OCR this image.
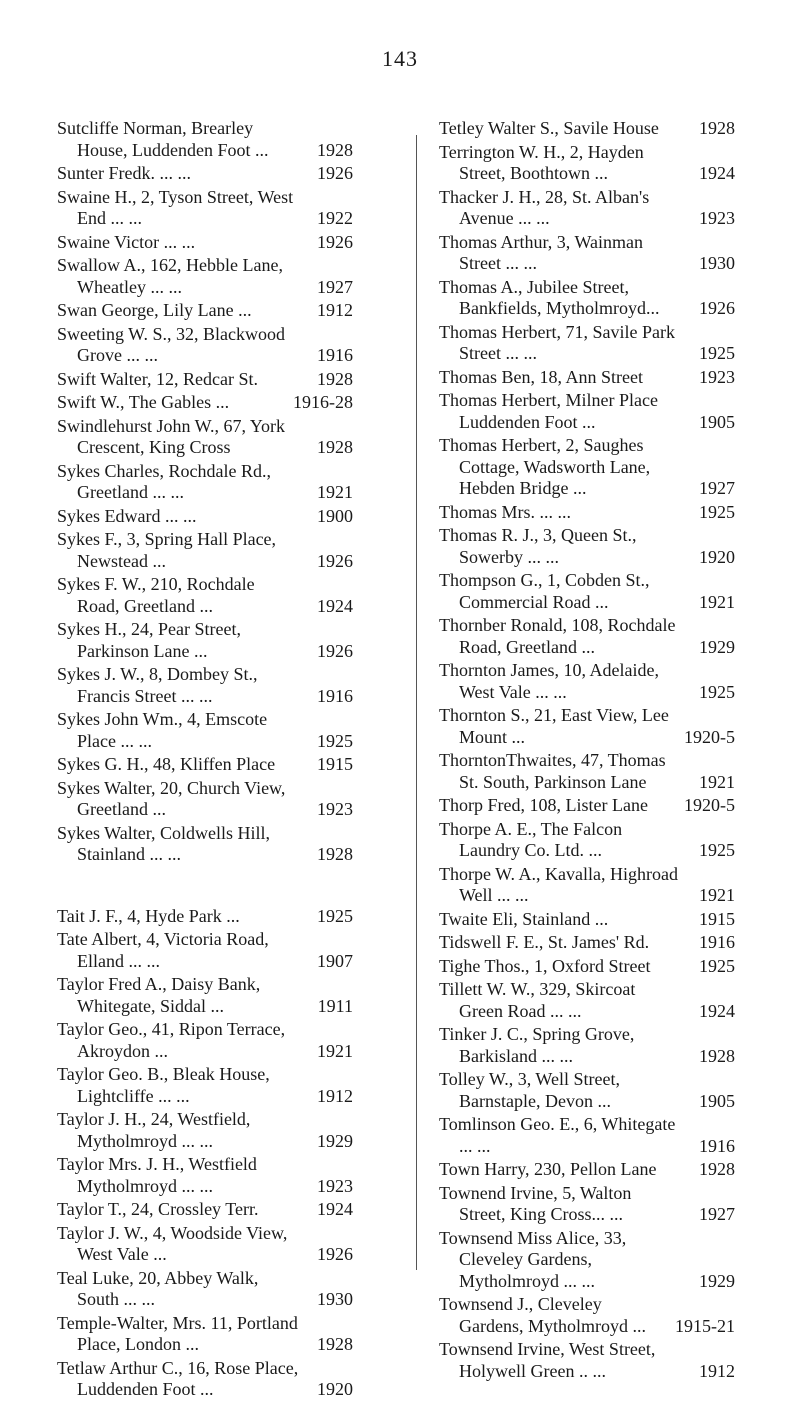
143
Sutcliffe Norman, Brearley House, Luddenden Foot ...	1928
Sunter Fredk. ... ...	1926
Swaine H., 2, Tyson Street, West End ... ...	1922
Swaine Victor ... ...	1926
Swallow A., 162, Hebble Lane, Wheatley ... ...	1927
Swan George, Lily Lane ...	1912
Sweeting W. S., 32, Blackwood Grove ... ...	1916
Swift Walter, 12, Redcar St.	1928
Swift W., The Gables ...	1916-28
Swindlehurst John W., 67, York Crescent, King Cross	1928
Sykes Charles, Rochdale Rd., Greetland ... ...	1921
Sykes Edward ... ...	1900
Sykes F., 3, Spring Hall Place, Newstead ...	1926
Sykes F. W., 210, Rochdale Road, Greetland ...	1924
Sykes H., 24, Pear Street, Parkinson Lane ...	1926
Sykes J. W., 8, Dombey St., Francis Street ... ...	1916
Sykes John Wm., 4, Emscote Place ... ...	1925
Sykes G. H., 48, Kliffen Place	1915
Sykes Walter, 20, Church View, Greetland ...	1923
Sykes Walter, Coldwells Hill, Stainland ... ...	1928
Tait J. F., 4, Hyde Park ...	1925
Tate Albert, 4, Victoria Road, Elland ... ...	1907
Taylor Fred A., Daisy Bank, Whitegate, Siddal ...	1911
Taylor Geo., 41, Ripon Terrace, Akroydon ...	1921
Taylor Geo. B., Bleak House, Lightcliffe ... ...	1912
Taylor J. H., 24, Westfield, Mytholmroyd ... ...	1929
Taylor Mrs. J. H., Westfield Mytholmroyd ... ...	1923
Taylor T., 24, Crossley Terr.	1924
Taylor J. W., 4, Woodside View, West Vale ...	1926
Teal Luke, 20, Abbey Walk, South ... ...	1930
Temple-Walter, Mrs. 11, Portland Place, London ...	1928
Tetlaw Arthur C., 16, Rose Place, Luddenden Foot ...	1920
Tetley Walter S., Savile House	1928
Terrington W. H., 2, Hayden Street, Boothtown ...	1924
Thacker J. H., 28, St. Alban's Avenue ... ...	1923
Thomas Arthur, 3, Wainman Street ... ...	1930
Thomas A., Jubilee Street, Bankfields, Mytholmroyd...	1926
Thomas Herbert, 71, Savile Park Street ... ...	1925
Thomas Ben, 18, Ann Street	1923
Thomas Herbert, Milner Place Luddenden Foot ...	1905
Thomas Herbert, 2, Saughes Cottage, Wadsworth Lane, Hebden Bridge ...	1927
Thomas Mrs. ... ...	1925
Thomas R. J., 3, Queen St., Sowerby ... ...	1920
Thompson G., 1, Cobden St., Commercial Road ...	1921
Thornber Ronald, 108, Rochdale Road, Greetland ...	1929
Thornton James, 10, Adelaide, West Vale ... ...	1925
Thornton S., 21, East View, Lee Mount ...	1920-5
ThorntonThwaites, 47, Thomas St. South, Parkinson Lane	1921
Thorp Fred, 108, Lister Lane	1920-5
Thorpe A. E., The Falcon Laundry Co. Ltd. ...	1925
Thorpe W. A., Kavalla, Highroad Well ... ...	1921
Twaite Eli, Stainland ...	1915
Tidswell F. E., St. James' Rd.	1916
Tighe Thos., 1, Oxford Street	1925
Tillett W. W., 329, Skircoat Green Road ... ...	1924
Tinker J. C., Spring Grove, Barkisland ... ...	1928
Tolley W., 3, Well Street, Barnstaple, Devon ...	1905
Tomlinson Geo. E., 6, Whitegate ... ...	1916
Town Harry, 230, Pellon Lane	1928
Townend Irvine, 5, Walton Street, King Cross... ...	1927
Townsend Miss Alice, 33, Cleveley Gardens, Mytholmroyd ... ...	1929
Townsend J., Cleveley Gardens, Mytholmroyd ...	1915-21
Townsend Irvine, West Street, Holywell Green .. ...	1912
